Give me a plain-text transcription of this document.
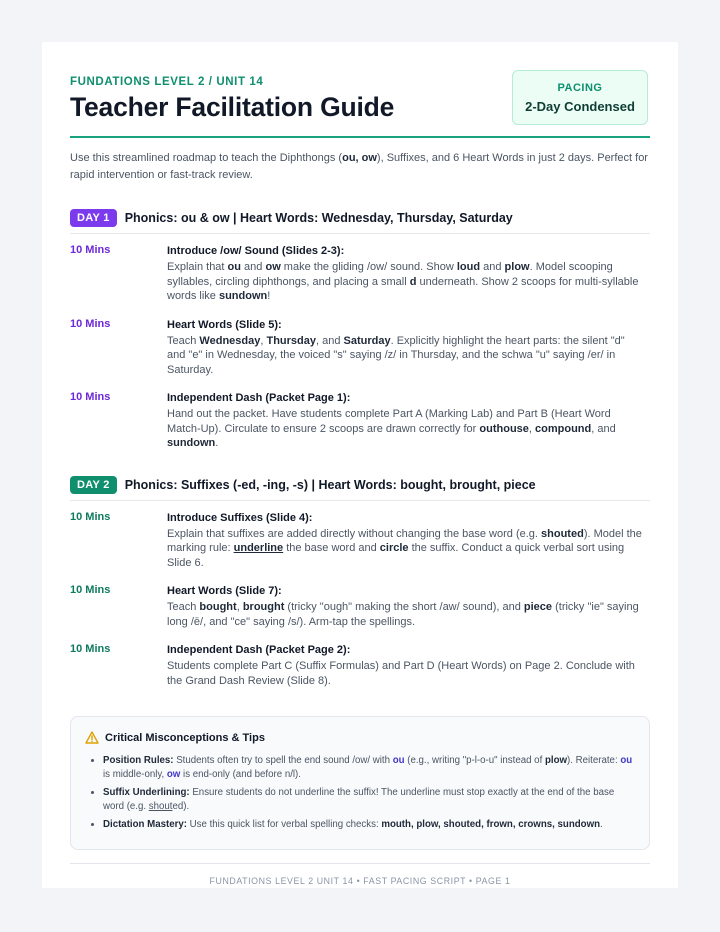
FUNDATIONS LEVEL 2 / UNIT 14
Teacher Facilitation Guide
PACING
2-Day Condensed

Use this streamlined roadmap to teach the Diphthongs (ou, ow), Suffixes, and 6 Heart Words in just 2 days. Perfect for rapid intervention or fast-track review.

DAY 1	Phonics: ou & ow | Heart Words: Wednesday, Thursday, Saturday
10 Mins	Introduce /ow/ Sound (Slides 2-3):
Explain that ou and ow make the gliding /ow/ sound. Show loud and plow. Model scooping syllables, circling diphthongs, and placing a small d underneath. Show 2 scoops for multi-syllable words like sundown!
10 Mins	Heart Words (Slide 5):
Teach Wednesday, Thursday, and Saturday. Explicitly highlight the heart parts: the silent "d" and "e" in Wednesday, the voiced "s" saying /z/ in Thursday, and the schwa "u" saying /er/ in Saturday.
10 Mins	Independent Dash (Packet Page 1):
Hand out the packet. Have students complete Part A (Marking Lab) and Part B (Heart Word Match-Up). Circulate to ensure 2 scoops are drawn correctly for outhouse, compound, and sundown.
DAY 2	Phonics: Suffixes (-ed, -ing, -s) | Heart Words: bought, brought, piece
10 Mins	Introduce Suffixes (Slide 4):
Explain that suffixes are added directly without changing the base word (e.g. shouted). Model the marking rule: underline the base word and circle the suffix. Conduct a quick verbal sort using Slide 6.
10 Mins	Heart Words (Slide 7):
Teach bought, brought (tricky "ough" making the short /aw/ sound), and piece (tricky "ie" saying long /ē/, and "ce" saying /s/). Arm-tap the spellings.
10 Mins	Independent Dash (Packet Page 2):
Students complete Part C (Suffix Formulas) and Part D (Heart Words) on Page 2. Conclude with the Grand Dash Review (Slide 8).
Critical Misconceptions & Tips
• Position Rules: Students often try to spell the end sound /ow/ with ou (e.g., writing "p-l-o-u" instead of plow). Reiterate: ou is middle-only, ow is end-only (and before n/l).
• Suffix Underlining: Ensure students do not underline the suffix! The underline must stop exactly at the end of the base word (e.g. shouted).
• Dictation Mastery: Use this quick list for verbal spelling checks: mouth, plow, shouted, frown, crowns, sundown.
FUNDATIONS LEVEL 2 UNIT 14 • FAST PACING SCRIPT • PAGE 1
